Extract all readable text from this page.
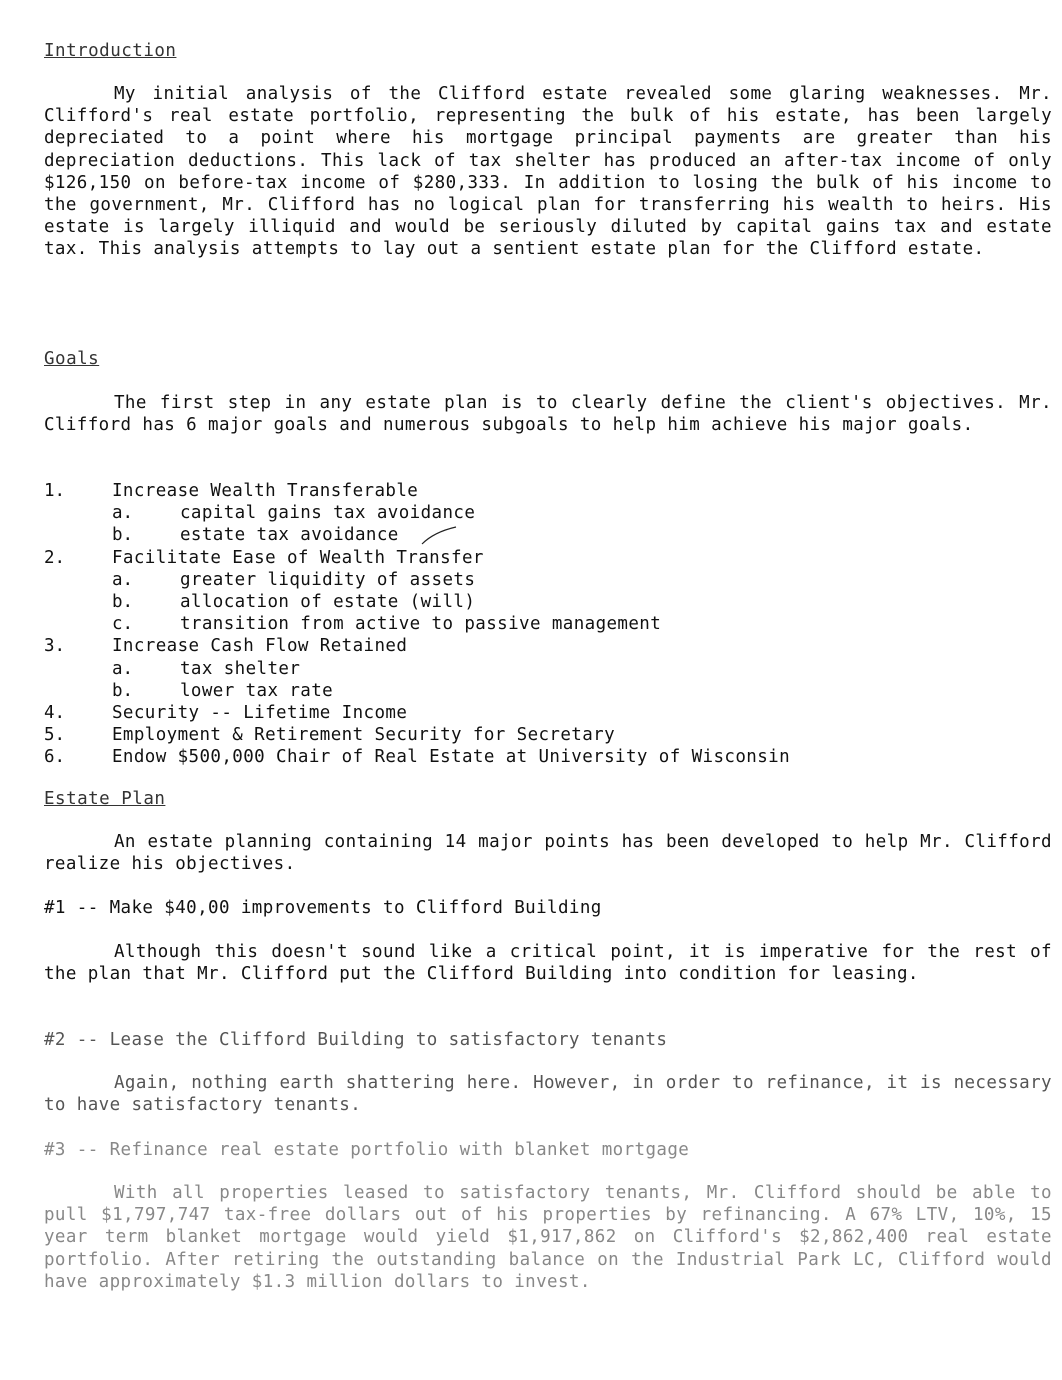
Introduction
My initial analysis of the Clifford estate revealed some glaring weaknesses. Mr. Clifford's real estate portfolio, representing the bulk of his estate, has been largely depreciated to a point where his mortgage principal payments are greater than his depreciation deductions. This lack of tax shelter has produced an after-tax income of only $126,150 on before-tax income of $280,333. In addition to losing the bulk of his income to the government, Mr. Clifford has no logical plan for transferring his wealth to heirs. His estate is largely illiquid and would be seriously diluted by capital gains tax and estate tax. This analysis attempts to lay out a sentient estate plan for the Clifford estate.
Goals
The first step in any estate plan is to clearly define the client's objectives. Mr. Clifford has 6 major goals and numerous subgoals to help him achieve his major goals.
1.	Increase Wealth Transferable
a.	capital gains tax avoidance
b.	estate tax avoidance
2.	Facilitate Ease of Wealth Transfer
a.	greater liquidity of assets
b.	allocation of estate (will)
c.	transition from active to passive management
3.	Increase Cash Flow Retained
a.	tax shelter
b.	lower tax rate
4.	Security -- Lifetime Income
5.	Employment & Retirement Security for Secretary
6.	Endow $500,000 Chair of Real Estate at University of Wisconsin
Estate Plan
An estate planning containing 14 major points has been developed to help Mr. Clifford realize his objectives.
#1 -- Make $40,00 improvements to Clifford Building
Although this doesn't sound like a critical point, it is imperative for the rest of the plan that Mr. Clifford put the Clifford Building into condition for leasing.
#2 -- Lease the Clifford Building to satisfactory tenants
Again, nothing earth shattering here. However, in order to refinance, it is necessary to have satisfactory tenants.
#3 -- Refinance real estate portfolio with blanket mortgage
With all properties leased to satisfactory tenants, Mr. Clifford should be able to pull $1,797,747 tax-free dollars out of his properties by refinancing. A 67% LTV, 10%, 15 year term blanket mortgage would yield $1,917,862 on Clifford's $2,862,400 real estate portfolio. After retiring the outstanding balance on the Industrial Park LC, Clifford would have approximately $1.3 million dollars to invest.
